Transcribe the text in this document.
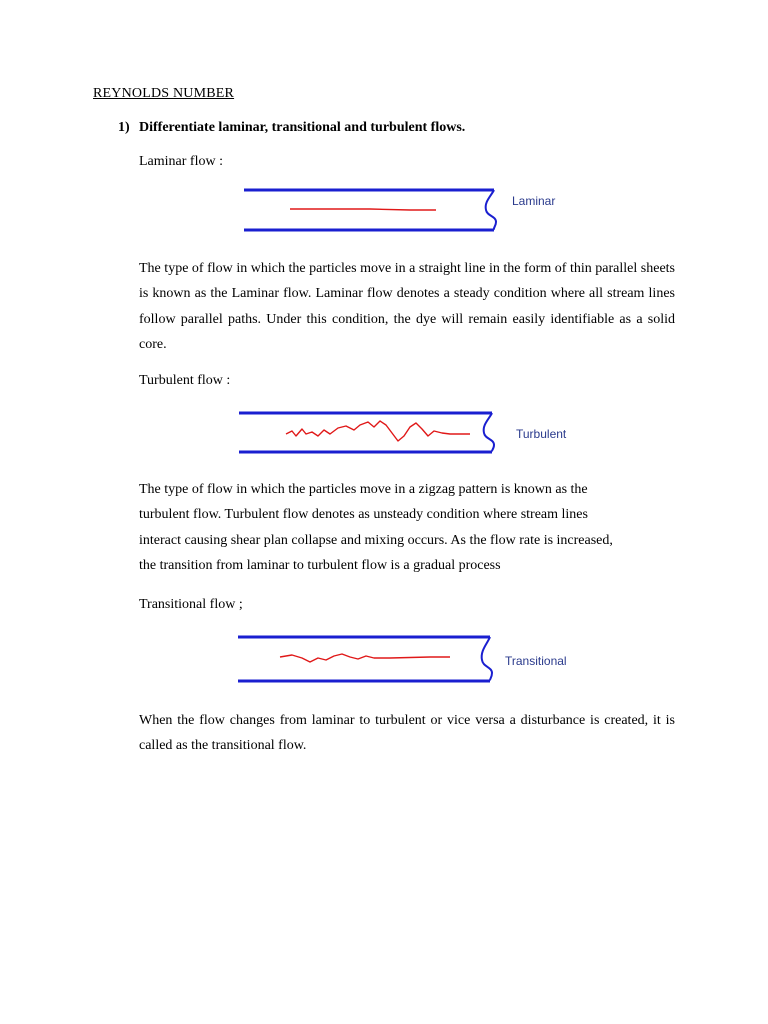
REYNOLDS NUMBER

1) Differentiate laminar, transitional and turbulent flows.

Laminar flow :

Laminar

The type of flow in which the particles move in a straight line in the form of thin parallel sheets is known as the Laminar flow. Laminar flow denotes a steady condition where all stream lines follow parallel paths. Under this condition, the dye will remain easily identifiable as a solid core.

Turbulent flow :

Turbulent
The type of flow in which the particles move in a zigzag pattern is known as the
turbulent flow. Turbulent flow denotes as unsteady condition where stream lines
interact causing shear plan collapse and mixing occurs. As the flow rate is increased,
the transition from laminar to turbulent flow is a gradual process

Transitional flow ;

Transitional

When the flow changes from laminar to turbulent or vice versa a disturbance is created, it is called as the transitional flow.
